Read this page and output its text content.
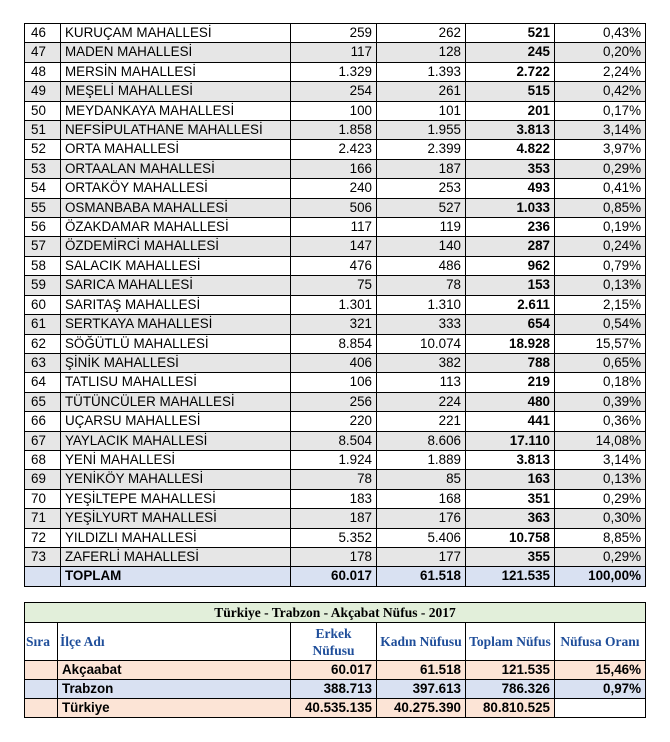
46	KURUÇAM MAHALLESİ	259	262	521	0,43%
47	MADEN MAHALLESİ	117	128	245	0,20%
48	MERSİN MAHALLESİ	1.329	1.393	2.722	2,24%
49	MEŞELİ MAHALLESİ	254	261	515	0,42%
50	MEYDANKAYA MAHALLESİ	100	101	201	0,17%
51	NEFSİPULATHANE MAHALLESİ	1.858	1.955	3.813	3,14%
52	ORTA MAHALLESİ	2.423	2.399	4.822	3,97%
53	ORTAALAN MAHALLESİ	166	187	353	0,29%
54	ORTAKÖY MAHALLESİ	240	253	493	0,41%
55	OSMANBABA MAHALLESİ	506	527	1.033	0,85%
56	ÖZAKDAMAR MAHALLESİ	117	119	236	0,19%
57	ÖZDEMİRCİ MAHALLESİ	147	140	287	0,24%
58	SALACIK MAHALLESİ	476	486	962	0,79%
59	SARICA MAHALLESİ	75	78	153	0,13%
60	SARITAŞ MAHALLESİ	1.301	1.310	2.611	2,15%
61	SERTKAYA MAHALLESİ	321	333	654	0,54%
62	SÖĞÜTLÜ MAHALLESİ	8.854	10.074	18.928	15,57%
63	ŞİNİK MAHALLESİ	406	382	788	0,65%
64	TATLISU MAHALLESİ	106	113	219	0,18%
65	TÜTÜNCÜLER MAHALLESİ	256	224	480	0,39%
66	UÇARSU MAHALLESİ	220	221	441	0,36%
67	YAYLACIK MAHALLESİ	8.504	8.606	17.110	14,08%
68	YENİ MAHALLESİ	1.924	1.889	3.813	3,14%
69	YENİKÖY MAHALLESİ	78	85	163	0,13%
70	YEŞİLTEPE MAHALLESİ	183	168	351	0,29%
71	YEŞİLYURT MAHALLESİ	187	176	363	0,30%
72	YILDIZLI MAHALLESİ	5.352	5.406	10.758	8,85%
73	ZAFERLİ MAHALLESİ	178	177	355	0,29%
	TOPLAM	60.017	61.518	121.535	100,00%
Türkiye - Trabzon - Akçabat Nüfus - 2017					
Sıra	İlçe Adı	Erkek Nüfusu	Kadın Nüfusu	Toplam Nüfus	Nüfusa Oranı
	Akçaabat	60.017	61.518	121.535	15,46%
	Trabzon	388.713	397.613	786.326	0,97%
	Türkiye	40.535.135	40.275.390	80.810.525	
